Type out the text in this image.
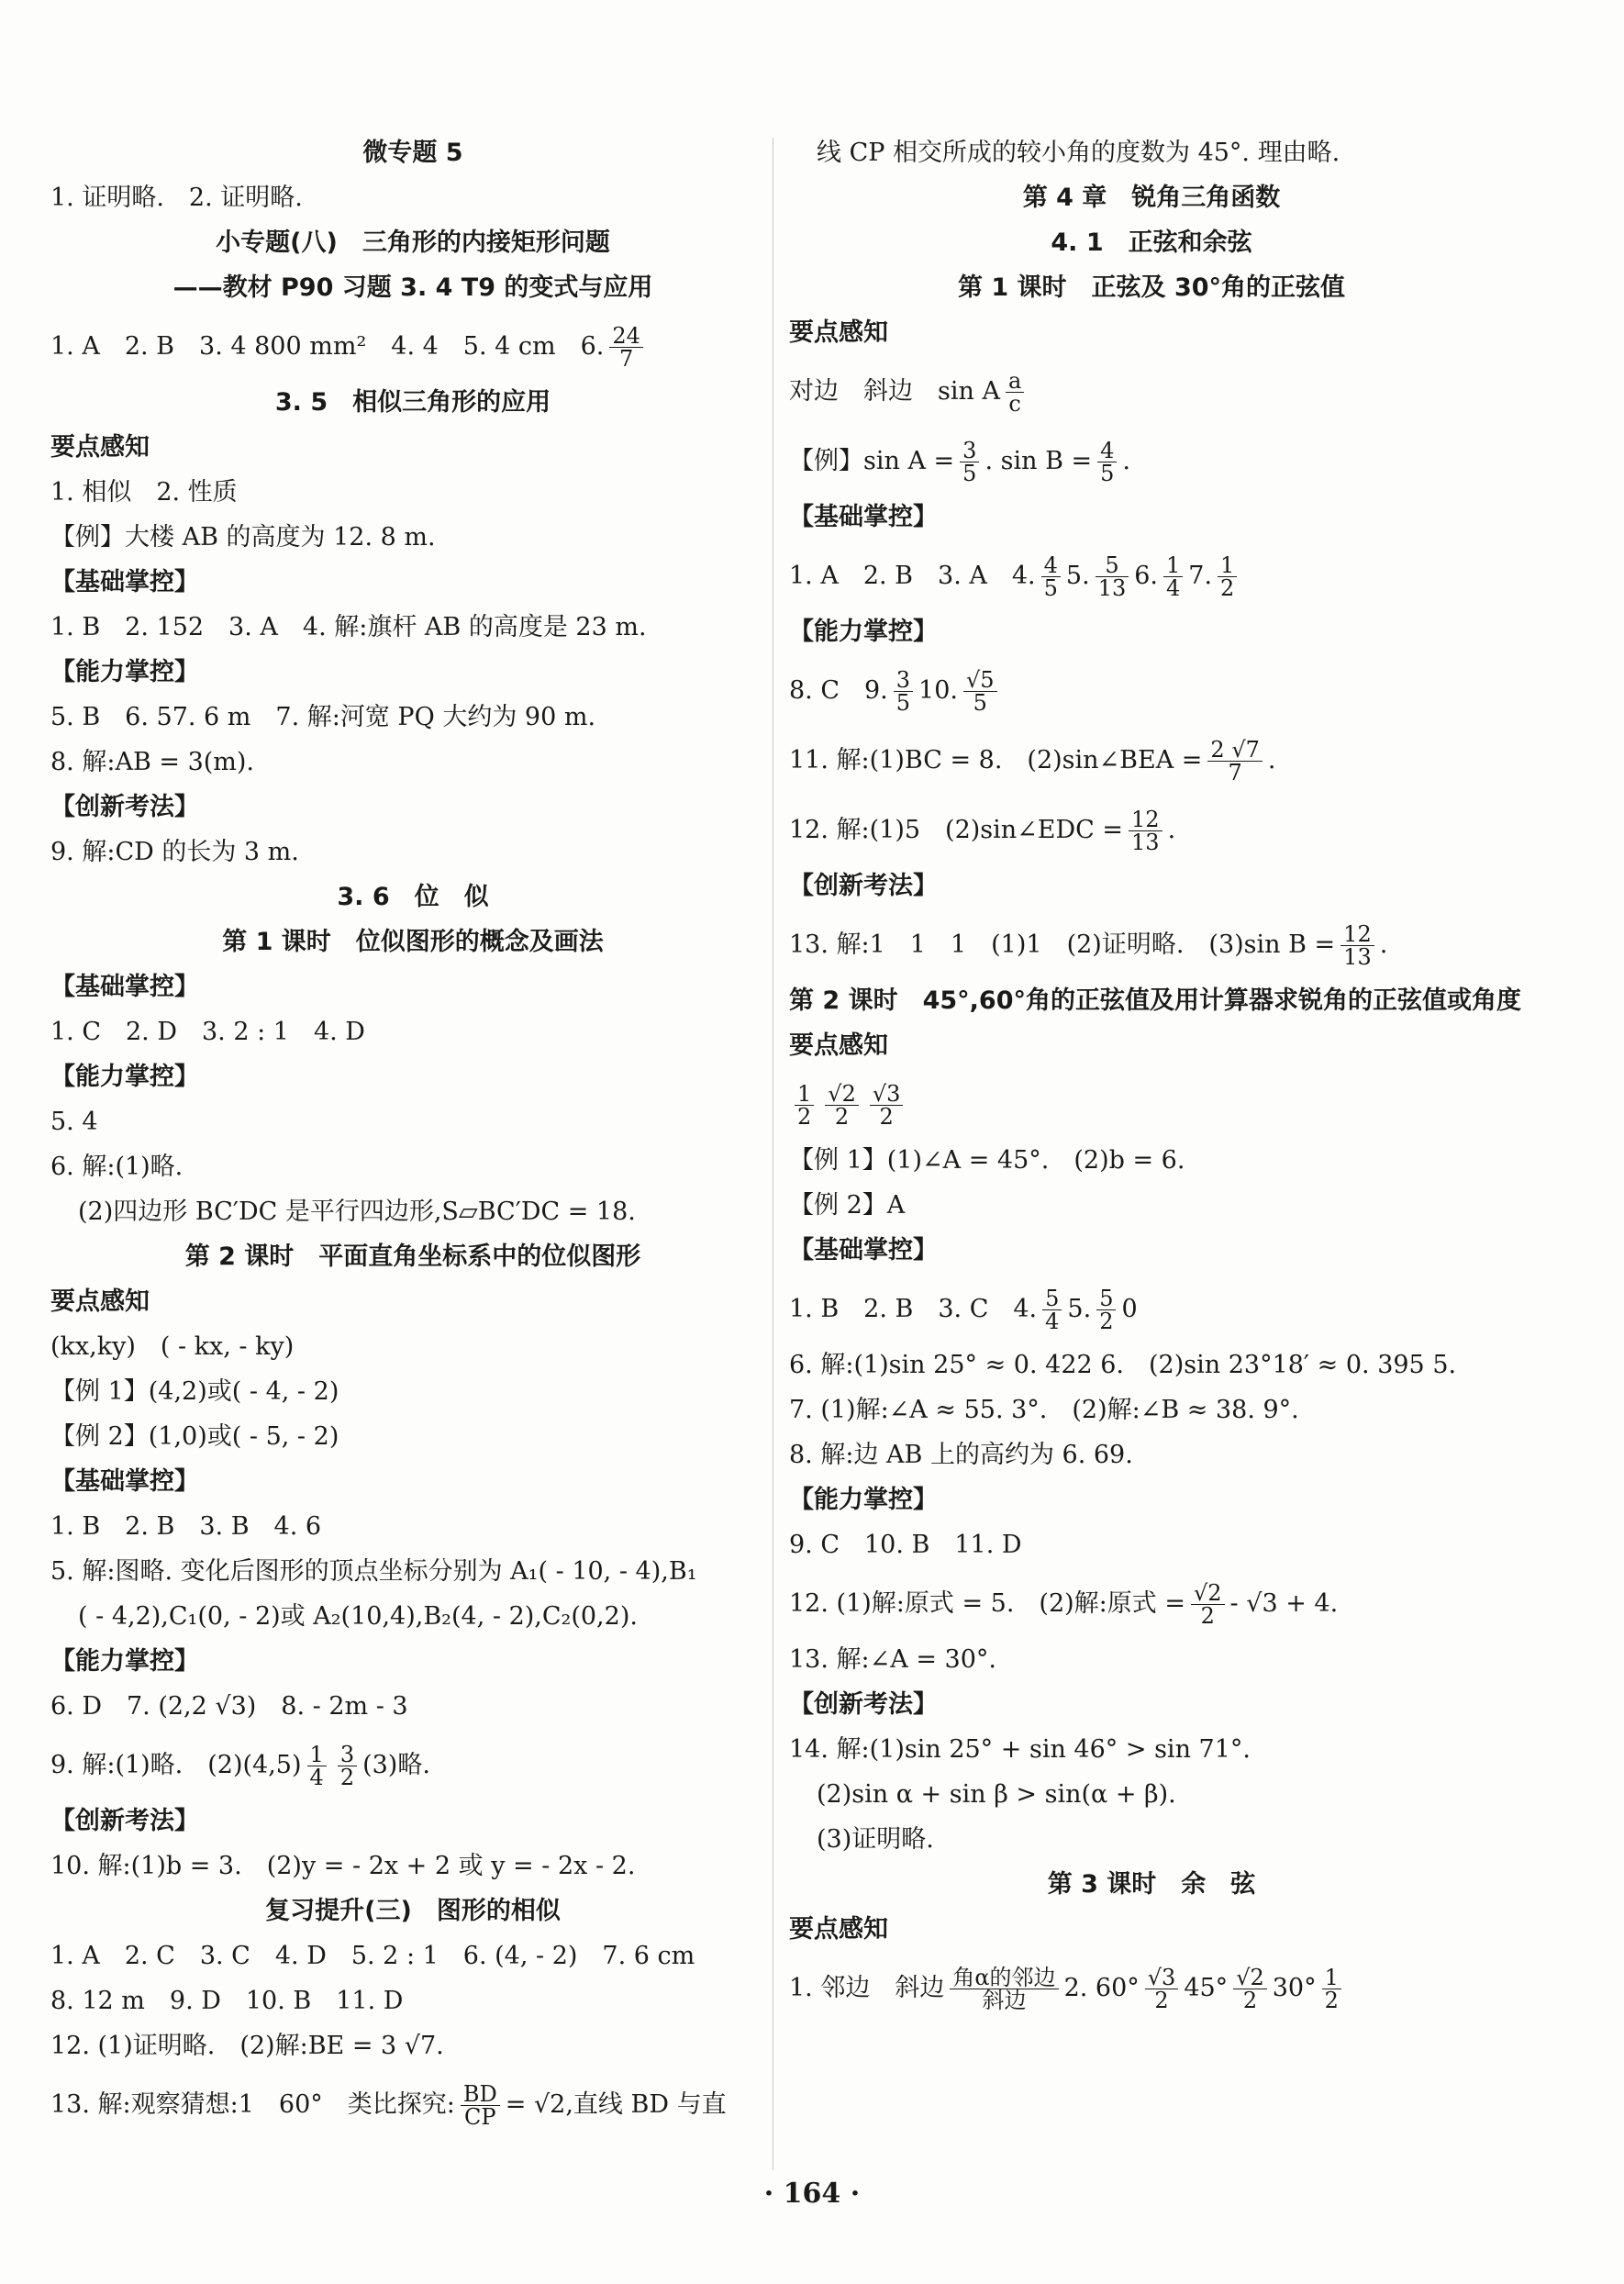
微专题 5
1. 证明略.　2. 证明略.
小专题(八)　三角形的内接矩形问题
——教材 P90 习题 3. 4 T9 的变式与应用
1. A　2. B　3. 4 800 mm²　4. 4　5. 4 cm　6. $\frac{24}{7}$
3. 5　相似三角形的应用
要点感知
1. 相似　2. 性质
【例】大楼 AB 的高度为 12. 8 m.
【基础掌控】
1. B　2. 152　3. A　4. 解:旗杆 AB 的高度是 23 m.
【能力掌控】
5. B　6. 57. 6 m　7. 解:河宽 PQ 大约为 90 m.
8. 解:AB = 3(m).
【创新考法】
9. 解:CD 的长为 3 m.
3. 6　位　似
第 1 课时　位似图形的概念及画法
【基础掌控】
1. C　2. D　3. 2 : 1　4. D
【能力掌控】
5. 4
6. 解:(1)略.
(2)四边形 BC′DC 是平行四边形,S▱BC′DC = 18.
第 2 课时　平面直角坐标系中的位似图形
要点感知
(kx,ky)　( - kx, - ky)
【例 1】(4,2)或( - 4, - 2)
【例 2】(1,0)或( - 5, - 2)
【基础掌控】
1. B　2. B　3. B　4. 6
5. 解:图略. 变化后图形的顶点坐标分别为 A₁( - 10, - 4),B₁
( - 4,2),C₁(0, - 2)或 A₂(10,4),B₂(4, - 2),C₂(0,2).
【能力掌控】
6. D　7. (2,2 √3)　8. - 2m - 3
9. 解:(1)略.　$(2)(4,5) \frac{1}{4} \frac{3}{2} (3)$略.
【创新考法】
10. 解:(1)b = 3.　(2)y = - 2x + 2 或 y = - 2x - 2.
复习提升(三)　图形的相似
1. A　2. C　3. C　4. D　5. 2 : 1　6. (4, - 2)　7. 6 cm
8. 12 m　9. D　10. B　11. D
12. (1)证明略.　(2)解:BE = 3 √7.
13. 解:观察猜想:1　60°　类比探究: $\frac{BD}{CP} = √2$,直线 BD 与直
线 CP 相交所成的较小角的度数为 45°. 理由略.
第 4 章　锐角三角函数
4. 1　正弦和余弦
第 1 课时　正弦及 30°角的正弦值
要点感知
对边　斜边　sin A $\frac{a}{c}$
【例】$\sin A = \frac{3}{5}$ . $\sin B = \frac{4}{5}$ .
【基础掌控】
1. A　2. B　3. A　4. $\frac{4}{5} 5$. $\frac{5}{13} 6$. $\frac{1}{4} 7$. $\frac{1}{2}$
【能力掌控】
8. C　9. $\frac{3}{5} 10$. $\frac{√5}{5}$
11. 解:(1)BC = 8.　(2)sin∠BEA = $\frac{2 √7}{7}$ .
12. 解:(1)5　(2)sin∠EDC = $\frac{12}{13}$ .
【创新考法】
13. 解:1　1　1　(1)1　(2)证明略.　(3)sin $B = \frac{12}{13}$ .
第 2 课时　45°,60°角的正弦值及用计算器求锐角的正弦值或角度
要点感知
$\frac{1}{2} \frac{√2}{2} \frac{√3}{2}$
【例 1】(1)∠A = 45°.　(2)b = 6.
【例 2】A
【基础掌控】
1. B　2. B　3. C　4. $\frac{5}{4} 5$. $\frac{5}{2} 0$
6. 解:(1)sin 25° ≈ 0. 422 6.　(2)sin 23°18′ ≈ 0. 395 5.
7. (1)解:∠A ≈ 55. 3°.　(2)解:∠B ≈ 38. 9°.
8. 解:边 AB 上的高约为 6. 69.
【能力掌控】
9. C　10. B　11. D
12. (1)解:原式 = 5.　(2)解:原式 = $\frac{√2}{2} - √3 + 4$.
13. 解:∠A = 30°.
【创新考法】
14. 解:(1)sin 25° + sin 46° > sin 71°.
(2)sin α + sin β > sin(α + β).
(3)证明略.
第 3 课时　余　弦
要点感知
1. 邻边　斜边 $\frac{\text{角α的邻边}}{\text{斜边}} 2$. $60^\circ \frac{√3}{2} 45^\circ \frac{√2}{2} 30^\circ \frac{1}{2}$
· 164 ·
